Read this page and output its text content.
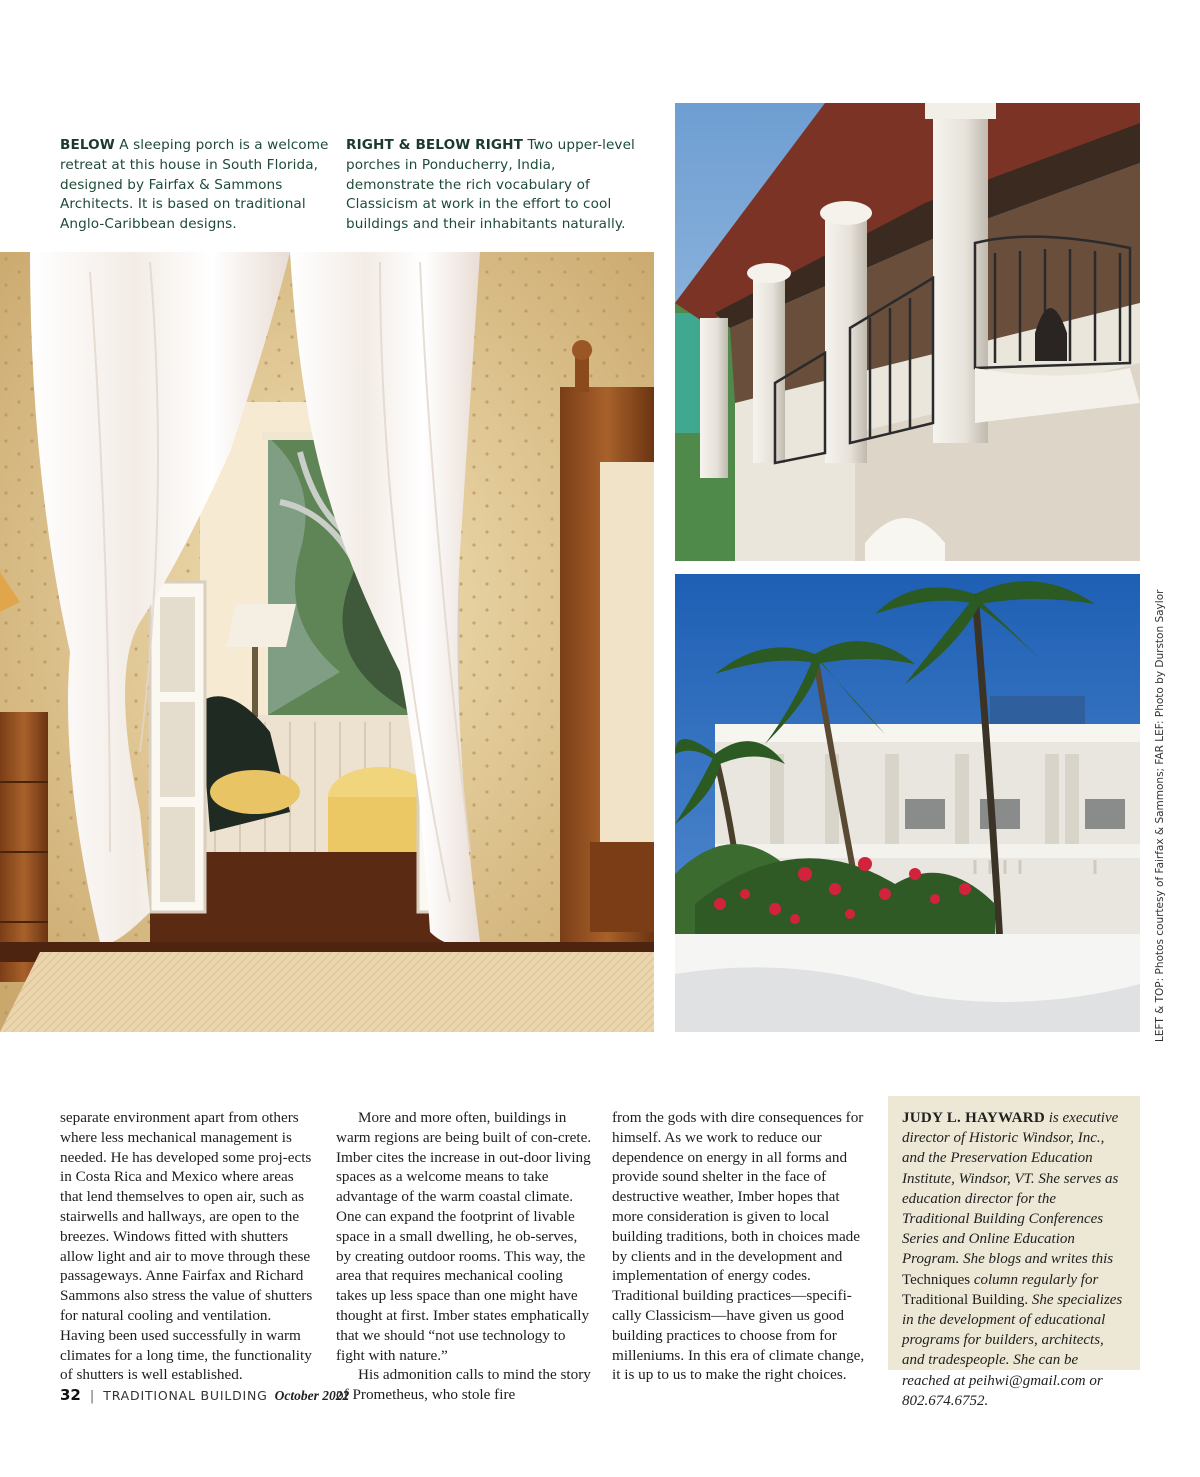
BELOW A sleeping porch is a welcome retreat at this house in South Florida, designed by Fairfax & Sammons Architects. It is based on traditional Anglo-Caribbean designs.
RIGHT & BELOW RIGHT Two upper-level porches in Ponducherry, India, demonstrate the rich vocabulary of Classicism at work in the effort to cool buildings and their inhabitants naturally.
LEFT & TOP: Photos courtesy of Fairfax & Sammons; FAR LEF: Photo by Durston Saylor

separate environment apart from others where less mechanical management is needed. He has developed some proj-ects in Costa Rica and Mexico where areas that lend themselves to open air, such as stairwells and hallways, are open to the breezes. Windows fitted with shutters allow light and air to move through these passageways. Anne Fairfax and Richard Sammons also stress the value of shutters for natural cooling and ventilation. Having been used successfully in warm climates for a long time, the functionality of shutters is well established.

More and more often, buildings in warm regions are being built of con-crete. Imber cites the increase in out-door living spaces as a welcome means to take advantage of the warm coastal climate. One can expand the footprint of livable space in a small dwelling, he ob-serves, by creating outdoor rooms. This way, the area that requires mechanical cooling takes up less space than one might have thought at first. Imber states emphatically that we should “not use technology to fight with nature.”

His admonition calls to mind the story of Prometheus, who stole fire

from the gods with dire consequences for himself. As we work to reduce our dependence on energy in all forms and provide sound shelter in the face of destructive weather, Imber hopes that more consideration is given to local building traditions, both in choices made by clients and in the development and implementation of energy codes. Traditional building practices—specifi-cally Classicism—have given us good building practices to choose from for milleniums. In this era of climate change, it is up to us to make the right choices.

JUDY L. HAYWARD is executive director of Historic Windsor, Inc., and the Preservation Education Institute, Windsor, VT. She serves as education director for the Traditional Building Conferences Series and Online Education Program. She blogs and writes this Techniques column regularly for Traditional Building. She specializes in the development of educational programs for builders, architects, and tradespeople. She can be reached at peihwi@gmail.com or 802.674.6752.
32 | TRADITIONAL BUILDING October 2022
